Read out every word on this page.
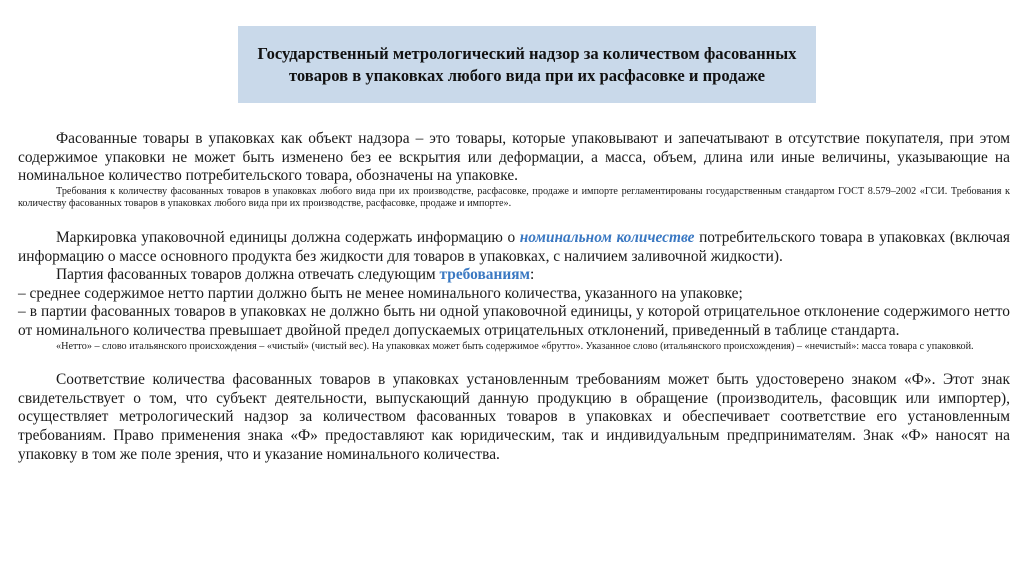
Государственный метрологический надзор за количеством фасованных товаров в упаковках любого вида при их расфасовке и продаже

Фасованные товары в упаковках как объект надзора – это товары, которые упаковывают и запечатывают в отсутствие покупателя, при этом содержимое упаковки не может быть изменено без ее вскрытия или деформации, а масса, объем, длина или иные величины, указывающие на номинальное количество потребительского товара, обозначены на упаковке.

Требования к количеству фасованных товаров в упаковках любого вида при их производстве, расфасовке, продаже и импорте регламентированы государственным стандартом ГОСТ 8.579–2002 «ГСИ. Требования к количеству фасованных товаров в упаковках любого вида при их производстве, расфасовке, продаже и импорте».

Маркировка упаковочной единицы должна содержать информацию о номинальном количестве потребительского товара в упаковках (включая информацию о массе основного продукта без жидкости для товаров в упаковках, с наличием заливочной жидкости).

Партия фасованных товаров должна отвечать следующим требованиям:

– среднее содержимое нетто партии должно быть не менее номинального количества, указанного на упаковке;

– в партии фасованных товаров в упаковках не должно быть ни одной упаковочной единицы, у которой отрицательное отклонение содержимого нетто от номинального количества превышает двойной предел допускаемых отрицательных отклонений, приведенный в таблице стандарта.

«Нетто» – слово итальянского происхождения – «чистый» (чистый вес). На упаковках может быть содержимое «брутто». Указанное слово (итальянского происхождения) – «нечистый»: масса товара с упаковкой.

Соответствие количества фасованных товаров в упаковках установленным требованиям может быть удостоверено знаком «Ф». Этот знак свидетельствует о том, что субъект деятельности, выпускающий данную продукцию в обращение (производитель, фасовщик или импортер), осуществляет метрологический надзор за количеством фасованных товаров в упаковках и обеспечивает соответствие его установленным требованиям. Право применения знака «Ф» предоставляют как юридическим, так и индивидуальным предпринимателям. Знак «Ф» наносят на упаковку в том же поле зрения, что и указание номинального количества.
